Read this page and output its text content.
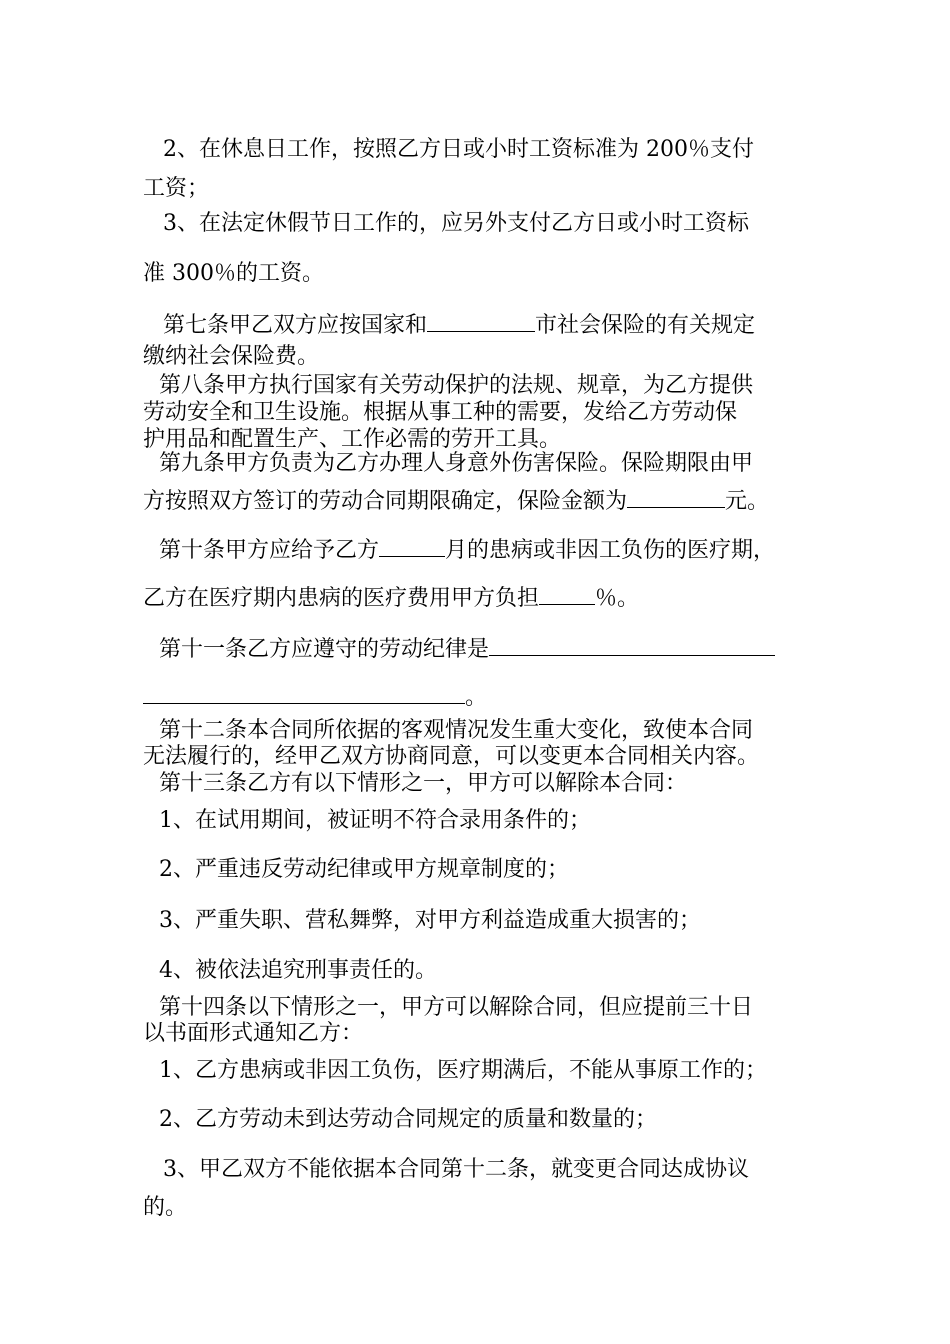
2、在休息日工作，按照乙方日或小时工资标准为 200％支付
工资；
3、在法定休假节日工作的，应另外支付乙方日或小时工资标
准 300％的工资。
第七条甲乙双方应按国家和	市社会保险的有关规定
缴纳社会保险费。
第八条甲方执行国家有关劳动保护的法规、规章，为乙方提供
劳动安全和卫生设施。根据从事工种的需要，发给乙方劳动保
护用品和配置生产、工作必需的劳开工具。
第九条甲方负责为乙方办理人身意外伤害保险。保险期限由甲
方按照双方签订的劳动合同期限确定，保险金额为	元。
第十条甲方应给予乙方	月的患病或非因工负伤的医疗期，
乙方在医疗期内患病的医疗费用甲方负担	％。
第十一条乙方应遵守的劳动纪律是
。
第十二条本合同所依据的客观情况发生重大变化，致使本合同
无法履行的，经甲乙双方协商同意，可以变更本合同相关内容。
第十三条乙方有以下情形之一，甲方可以解除本合同：
1、在试用期间，被证明不符合录用条件的；
2、严重违反劳动纪律或甲方规章制度的；
3、严重失职、营私舞弊，对甲方利益造成重大损害的；
4、被依法追究刑事责任的。
第十四条以下情形之一，甲方可以解除合同，但应提前三十日
以书面形式通知乙方：
1、乙方患病或非因工负伤，医疗期满后，不能从事原工作的；
2、乙方劳动未到达劳动合同规定的质量和数量的；
3、甲乙双方不能依据本合同第十二条，就变更合同达成协议
的。
